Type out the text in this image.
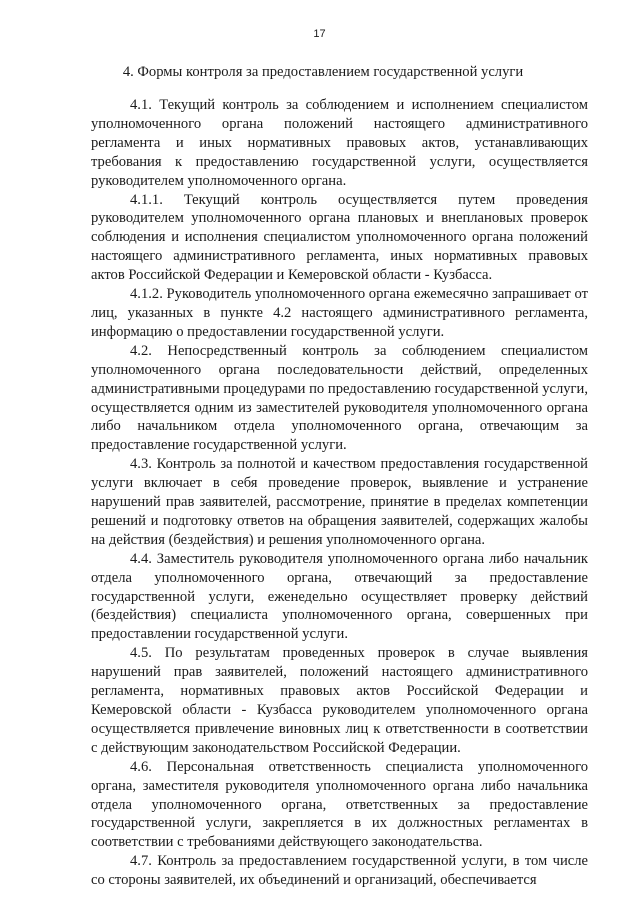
17
4. Формы контроля за предоставлением государственной услуги

4.1. Текущий контроль за соблюдением и исполнением специалистом уполномоченного органа положений настоящего административного регламента и иных нормативных правовых актов, устанавливающих требования к предоставлению государственной услуги, осуществляется руководителем уполномоченного органа.

4.1.1. Текущий контроль осуществляется путем проведения руководителем уполномоченного органа плановых и внеплановых проверок соблюдения и исполнения специалистом уполномоченного органа положений настоящего административного регламента, иных нормативных правовых актов Российской Федерации и Кемеровской области - Кузбасса.

4.1.2. Руководитель уполномоченного органа ежемесячно запрашивает от лиц, указанных в пункте 4.2 настоящего административного регламента, информацию о предоставлении государственной услуги.

4.2. Непосредственный контроль за соблюдением специалистом уполномоченного органа последовательности действий, определенных административными процедурами по предоставлению государственной услуги, осуществляется одним из заместителей руководителя уполномоченного органа либо начальником отдела уполномоченного органа, отвечающим за предоставление государственной услуги.

4.3. Контроль за полнотой и качеством предоставления государственной услуги включает в себя проведение проверок, выявление и устранение нарушений прав заявителей, рассмотрение, принятие в пределах компетенции решений и подготовку ответов на обращения заявителей, содержащих жалобы на действия (бездействия) и решения уполномоченного органа.

4.4. Заместитель руководителя уполномоченного органа либо начальник отдела уполномоченного органа, отвечающий за предоставление государственной услуги, еженедельно осуществляет проверку действий (бездействия) специалиста уполномоченного органа, совершенных при предоставлении государственной услуги.

4.5. По результатам проведенных проверок в случае выявления нарушений прав заявителей, положений настоящего административного регламента, нормативных правовых актов Российской Федерации и Кемеровской области - Кузбасса руководителем уполномоченного органа осуществляется привлечение виновных лиц к ответственности в соответствии с действующим законодательством Российской Федерации.

4.6. Персональная ответственность специалиста уполномоченного органа, заместителя руководителя уполномоченного органа либо начальника отдела уполномоченного органа, ответственных за предоставление государственной услуги, закрепляется в их должностных регламентах в соответствии с требованиями действующего законодательства.

4.7. Контроль за предоставлением государственной услуги, в том числе со стороны заявителей, их объединений и организаций, обеспечивается
